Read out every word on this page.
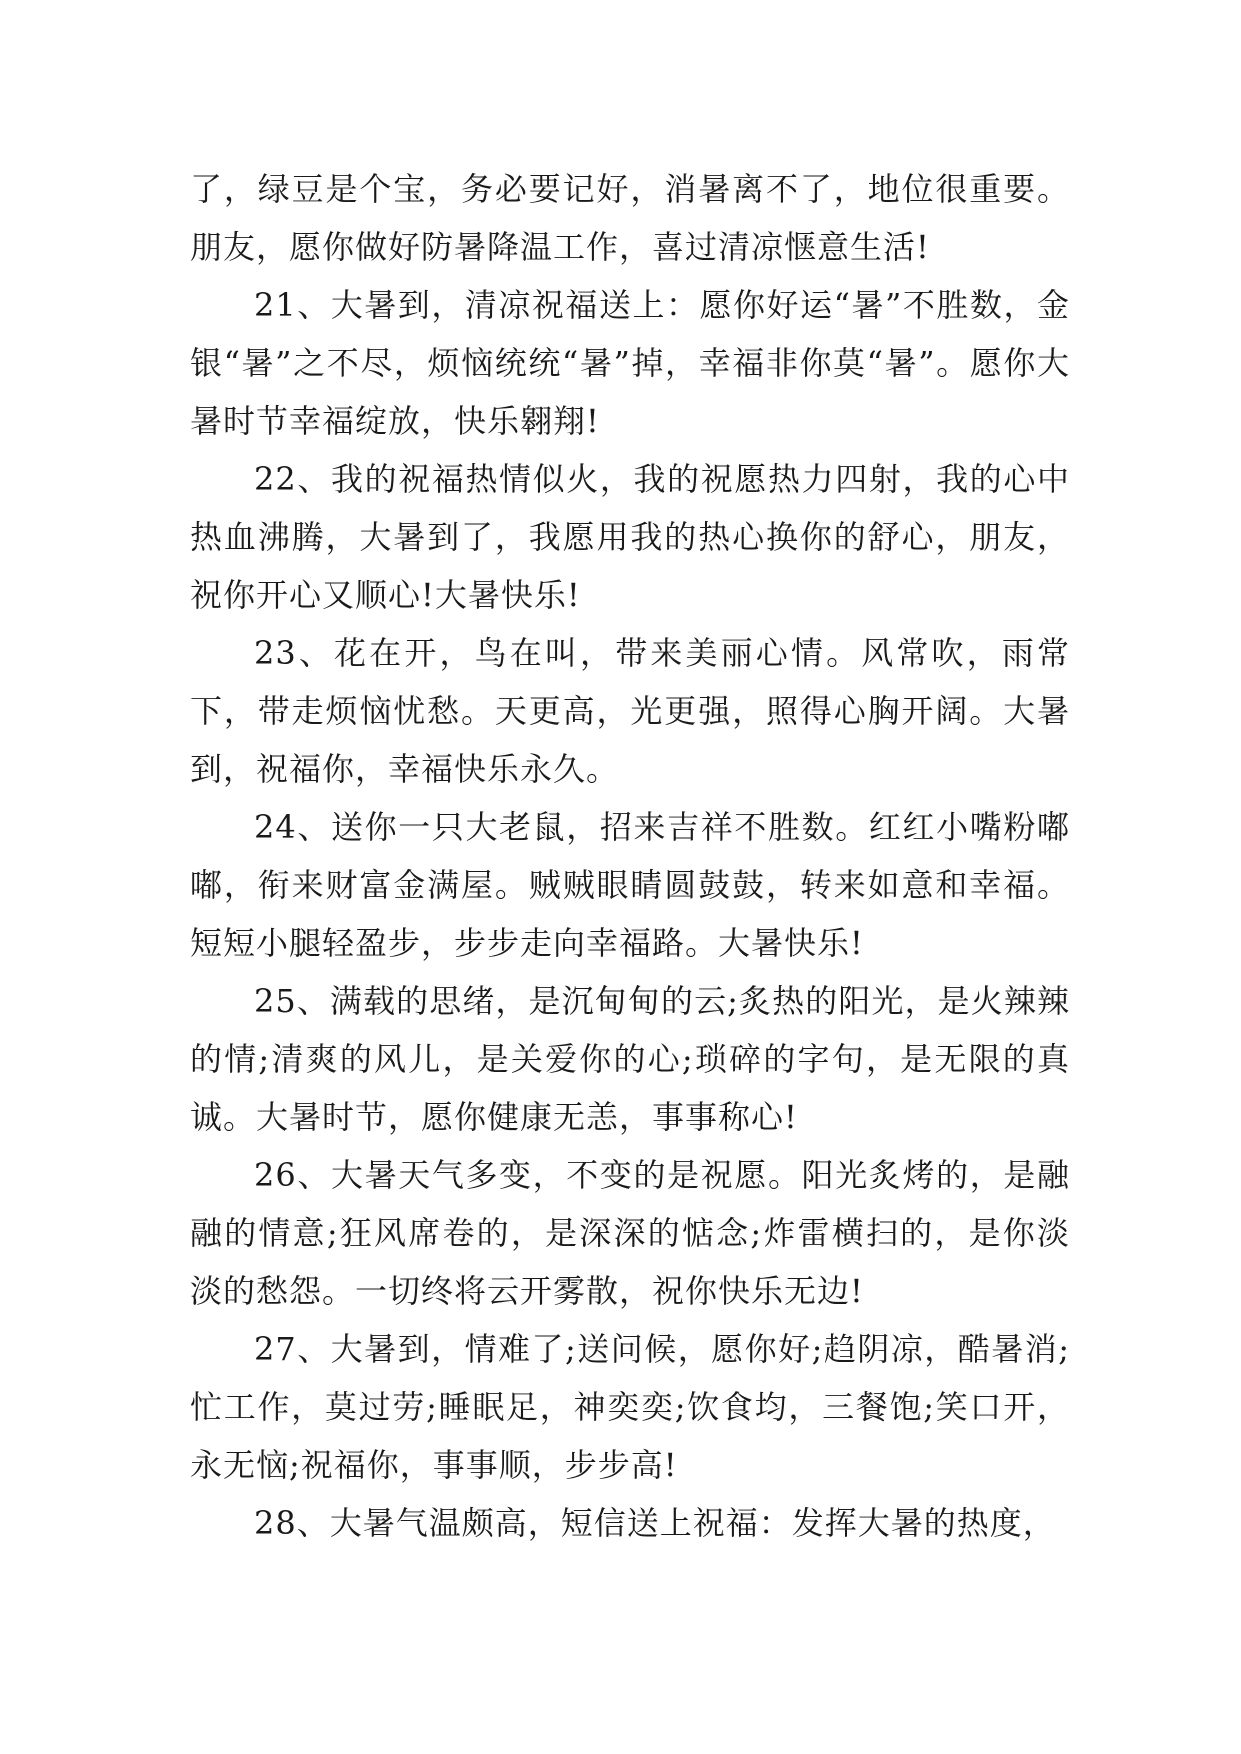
了，绿豆是个宝，务必要记好，消暑离不了，地位很重要。朋友，愿你做好防暑降温工作，喜过清凉惬意生活!

21、大暑到，清凉祝福送上：愿你好运“暑”不胜数，金银“暑”之不尽，烦恼统统“暑”掉，幸福非你莫“暑”。愿你大暑时节幸福绽放，快乐翱翔!

22、我的祝福热情似火，我的祝愿热力四射，我的心中热血沸腾，大暑到了，我愿用我的热心换你的舒心，朋友，祝你开心又顺心!大暑快乐!

23、花在开，鸟在叫，带来美丽心情。风常吹，雨常下，带走烦恼忧愁。天更高，光更强，照得心胸开阔。大暑到，祝福你，幸福快乐永久。

24、送你一只大老鼠，招来吉祥不胜数。红红小嘴粉嘟嘟，衔来财富金满屋。贼贼眼睛圆鼓鼓，转来如意和幸福。短短小腿轻盈步，步步走向幸福路。大暑快乐!

25、满载的思绪，是沉甸甸的云;炙热的阳光，是火辣辣的情;清爽的风儿，是关爱你的心;琐碎的字句，是无限的真诚。大暑时节，愿你健康无恙，事事称心!

26、大暑天气多变，不变的是祝愿。阳光炙烤的，是融融的情意;狂风席卷的，是深深的惦念;炸雷横扫的，是你淡淡的愁怨。一切终将云开雾散，祝你快乐无边!

27、大暑到，情难了;送问候，愿你好;趋阴凉，酷暑消;忙工作，莫过劳;睡眠足，神奕奕;饮食均，三餐饱;笑口开，永无恼;祝福你，事事顺，步步高!

28、大暑气温颇高，短信送上祝福：发挥大暑的热度，
